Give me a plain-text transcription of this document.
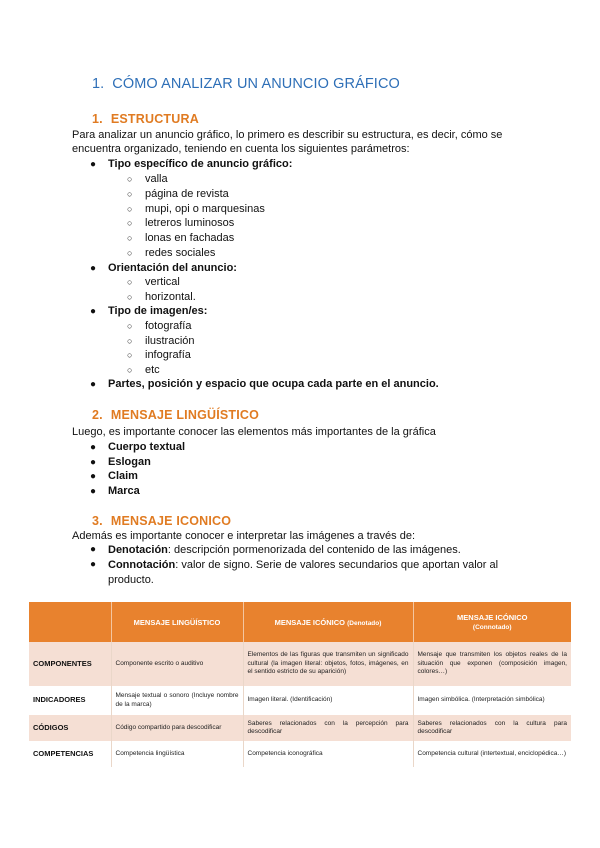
1. CÓMO ANALIZAR UN ANUNCIO GRÁFICO
1. ESTRUCTURA
Para analizar un anuncio gráfico, lo primero es describir su estructura, es decir, cómo se encuentra organizado, teniendo en cuenta los siguientes parámetros:
● Tipo específico de anuncio gráfico:
○ valla
○ página de revista
○ mupi, opi o marquesinas
○ letreros luminosos
○ lonas en fachadas
○ redes sociales
● Orientación del anuncio:
○ vertical
○ horizontal.
● Tipo de imagen/es:
○ fotografía
○ ilustración
○ infografía
○ etc
● Partes, posición y espacio que ocupa cada parte en el anuncio.
2. MENSAJE LINGÜÍSTICO
Luego, es importante conocer las elementos más importantes de la gráfica
● Cuerpo textual
● Eslogan
● Claim
● Marca
3. MENSAJE ICONICO
Además es importante conocer e interpretar las imágenes a través de:
● Denotación: descripción pormenorizada del contenido de las imágenes.
● Connotación: valor de signo. Serie de valores secundarios que aportan valor al producto.
	MENSAJE LINGÜÍSTICO	MENSAJE ICÓNICO (Denotado)	MENSAJE ICÓNICO
(Connotado)
COMPONENTES	Componente escrito o auditivo	Elementos de las figuras que transmiten un significado cultural (la imagen literal: objetos, fotos, imágenes, en el sentido estricto de su aparición)	Mensaje que transmiten los objetos reales de la situación que exponen (composición imagen, colores…)
INDICADORES	Mensaje textual o sonoro (Incluye nombre de la marca)	Imagen literal. (Identificación)	Imagen simbólica. (Interpretación simbólica)
CÓDIGOS	Código compartido para descodificar	Saberes relacionados con la percepción para descodificar	Saberes relacionados con la cultura para descodificar
COMPETENCIAS	Competencia lingüística	Competencia iconográfica	Competencia cultural (intertextual, enciclopédica…)
